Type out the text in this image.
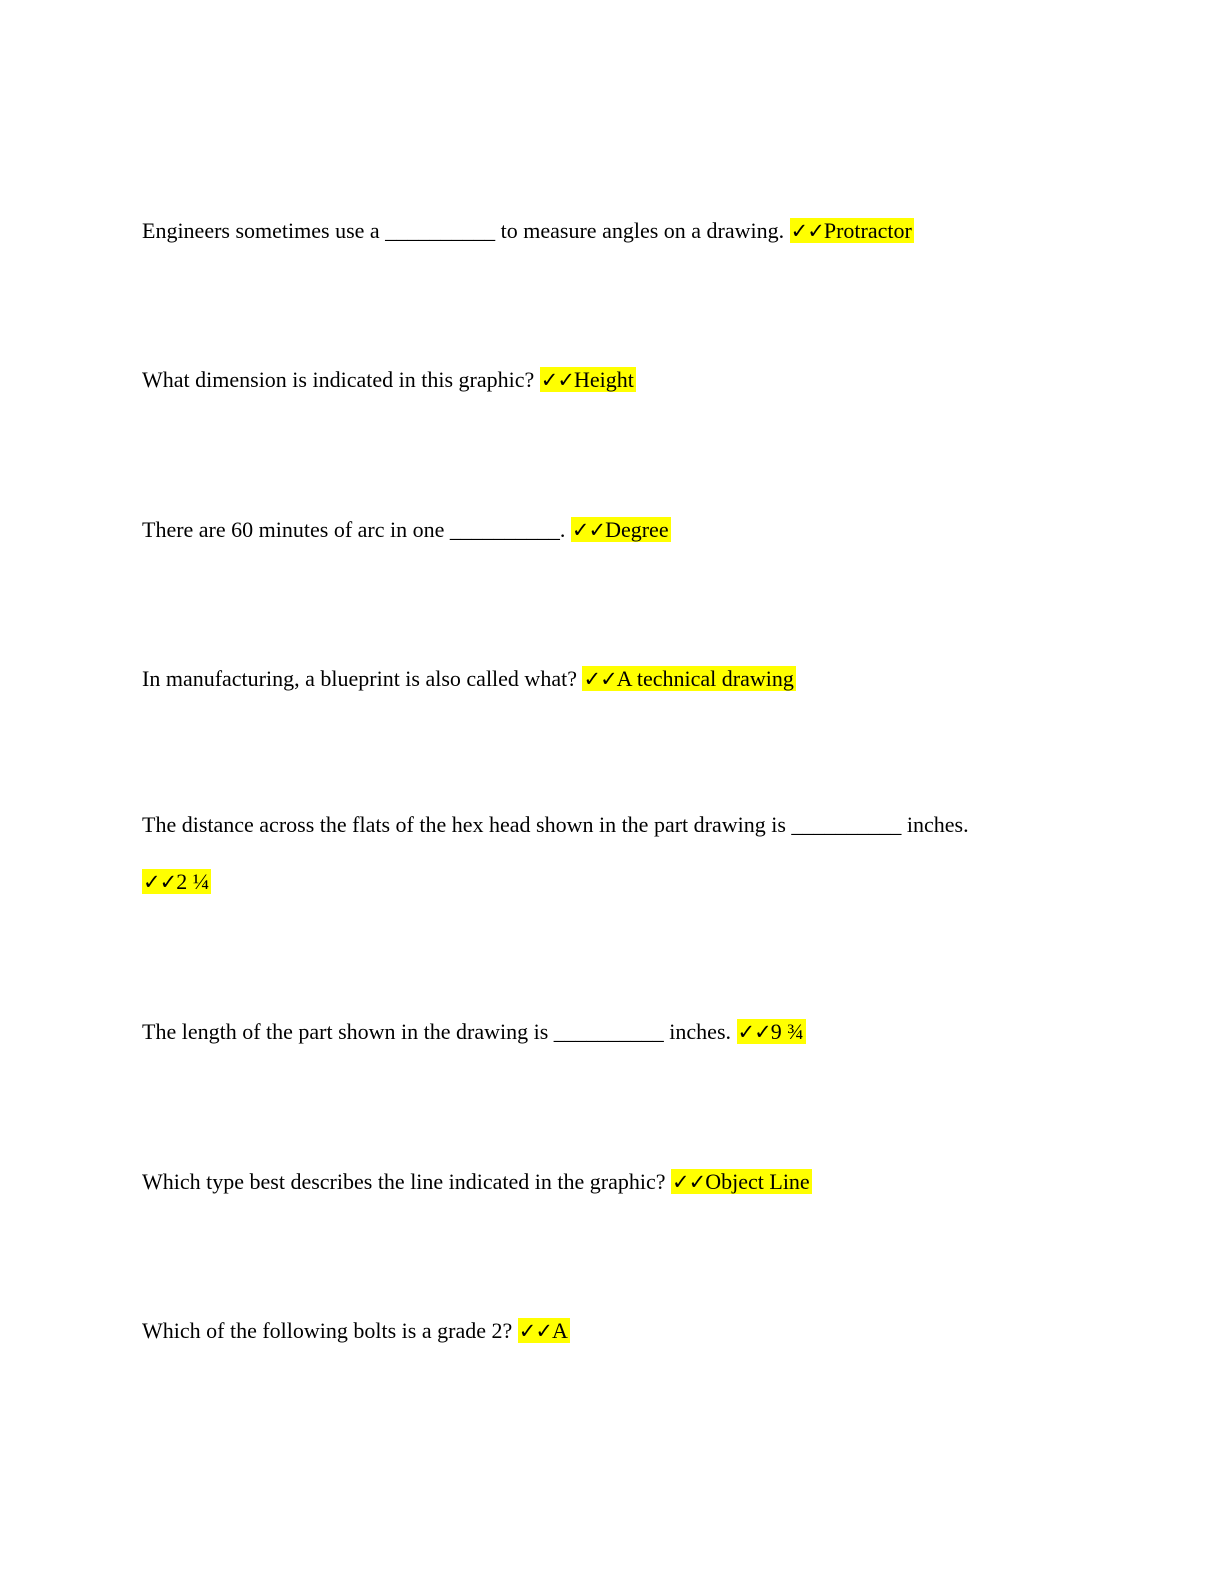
Engineers sometimes use a __________ to measure angles on a drawing. ✓✓Protractor
What dimension is indicated in this graphic? ✓✓Height
There are 60 minutes of arc in one __________. ✓✓Degree
In manufacturing, a blueprint is also called what? ✓✓A technical drawing
The distance across the flats of the hex head shown in the part drawing is __________ inches.
✓✓2 ¼
The length of the part shown in the drawing is __________ inches. ✓✓9 ¾
Which type best describes the line indicated in the graphic? ✓✓Object Line
Which of the following bolts is a grade 2? ✓✓A
